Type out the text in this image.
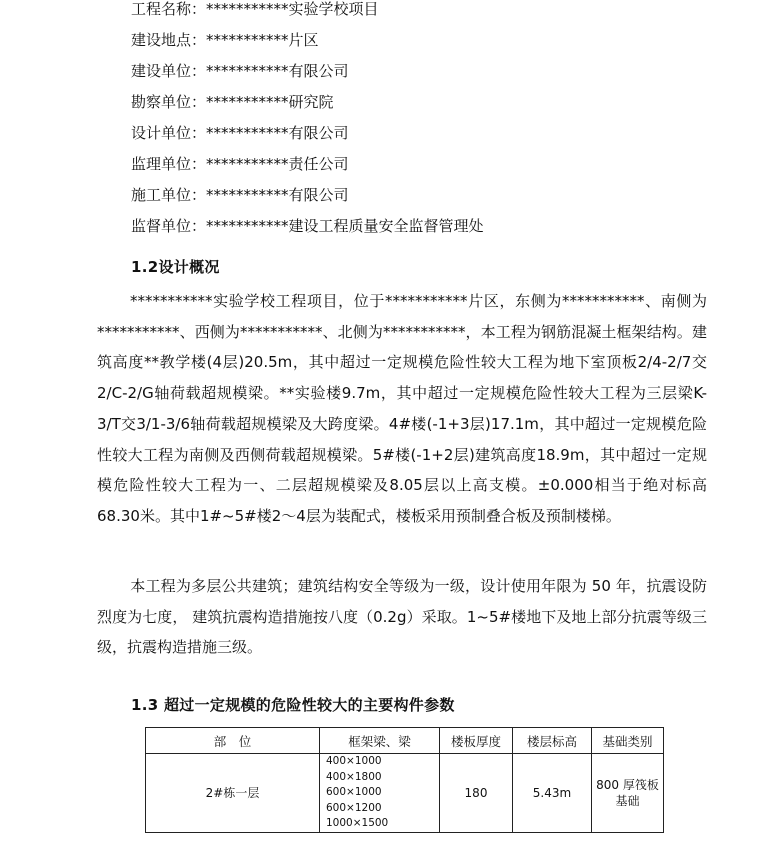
工程名称：***********实验学校项目
建设地点：***********片区
建设单位：***********有限公司
勘察单位：***********研究院
设计单位：***********有限公司
监理单位：***********责任公司
施工单位：***********有限公司
监督单位：***********建设工程质量安全监督管理处
1.2设计概况

***********实验学校工程项目，位于***********片区，东侧为***********、南侧为***********、西侧为***********、北侧为***********，本工程为钢筋混凝土框架结构。建筑高度**教学楼(4层)20.5m，其中超过一定规模危险性较大工程为地下室顶板2/4-2/7交2/C-2/G轴荷载超规模梁。**实验楼9.7m，其中超过一定规模危险性较大工程为三层梁K-3/T交3/1-3/6轴荷载超规模梁及大跨度梁。4#楼(-1+3层)17.1m，其中超过一定规模危险性较大工程为南侧及西侧荷载超规模梁。5#楼(-1+2层)建筑高度18.9m，其中超过一定规模危险性较大工程为一、二层超规模梁及8.05层以上高支模。±0.000相当于绝对标高68.30米。其中1#~5#楼2～4层为装配式，楼板采用预制叠合板及预制楼梯。

本工程为多层公共建筑；建筑结构安全等级为一级，设计使用年限为 50 年，抗震设防烈度为七度， 建筑抗震构造措施按八度（0.2g）采取。1~5#楼地下及地上部分抗震等级三级，抗震构造措施三级。

1.3 超过一定规模的危险性较大的主要构件参数
部　位	框架梁、梁	楼板厚度	楼层标高	基础类别
2#栋一层	400×1000
400×1800
600×1000
600×1200
1000×1500	180	5.43m	800 厚筏板基础
